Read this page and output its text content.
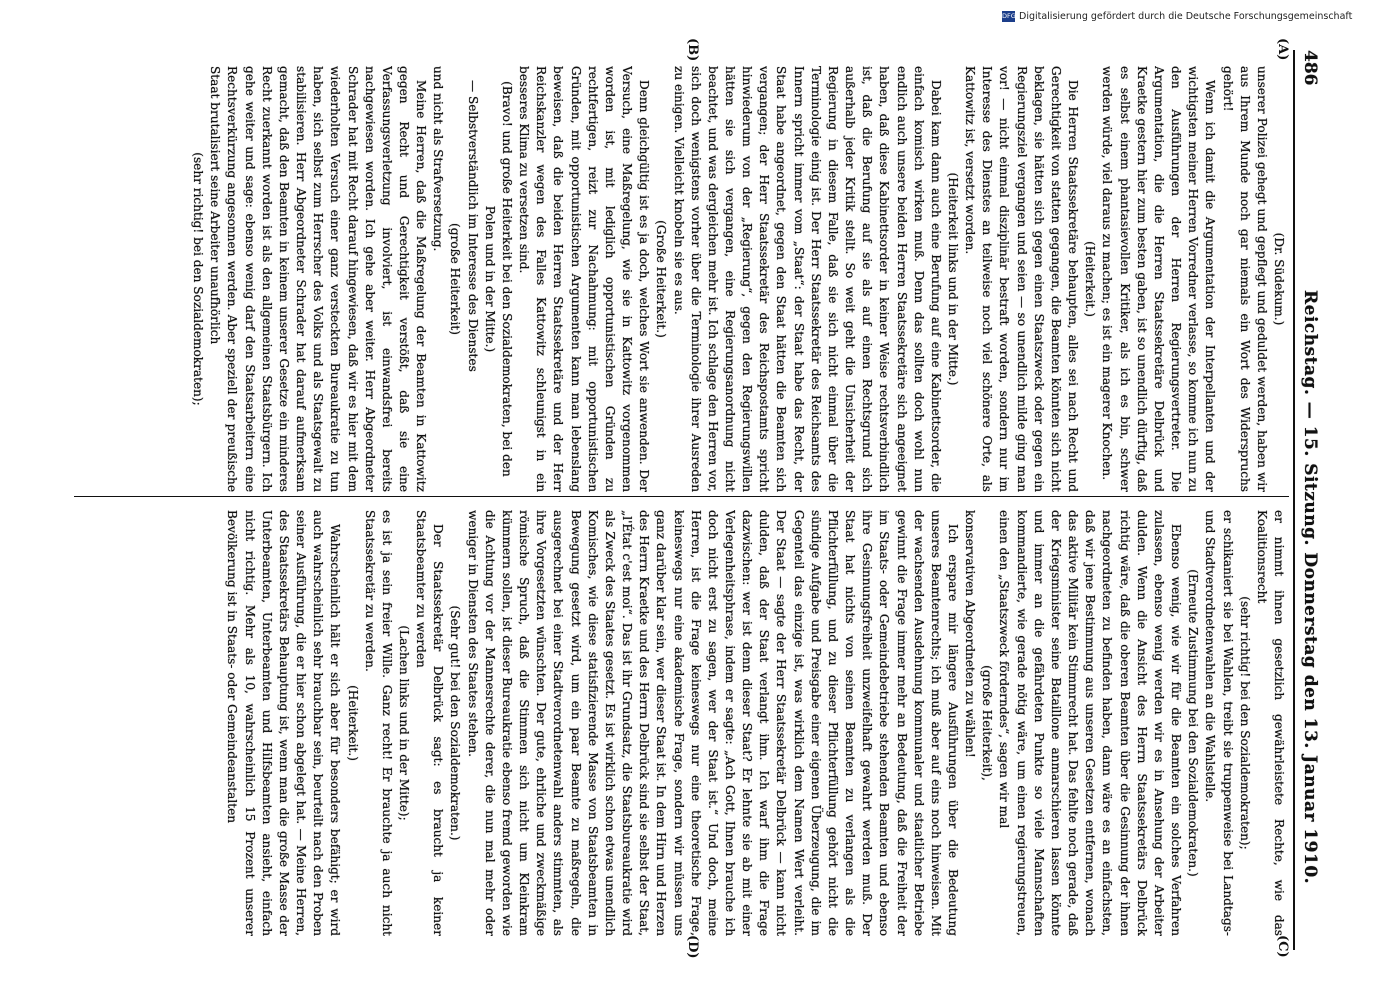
486
Reichstag. — 15. Sitzung. Donnerstag den 13. Januar 1910.
(A)
(B)
(C)
(D)

(Dr. Südekum.)

unserer Polizei gehegt und gepflegt und geduldet werden, haben wir aus Ihrem Munde noch gar niemals ein Wort des Widerspruchs gehört!

Wenn ich damit die Argumentation der Interpellanten und der wichtigsten meiner Herren Vorredner verlasse, so komme ich nun zu den Ausführungen der Herren Regierungsvertreter. Die Argumentation, die die Herren Staatssekretäre Delbrück und Kraetke gestern hier zum besten gaben, ist so unendlich dürftig, daß es selbst einem phantasievollen Kritiker, als ich es bin, schwer werden würde, viel daraus zu machen; es ist ein magerer Knochen.

(Heiterkeit.)

Die Herren Staatssekretäre behaupten, alles sei nach Recht und Gerechtigkeit von statten gegangen, die Beamten könnten sich nicht beklagen, sie hätten sich gegen einen Staatszweck oder gegen ein Regierungsziel vergangen und seien — so unendlich milde ging man vor! — nicht einmal disziplinär bestraft worden, sondern nur im Interesse des Dienstes an teilweise noch viel schönere Orte, als Kattowitz ist, versetzt worden.

(Heiterkeit links und in der Mitte.)

Dabei kam dann auch eine Berufung auf eine Kabinettsorder, die einfach komisch wirken muß. Denn das sollten doch wohl nun endlich auch unsere beiden Herren Staatssekretäre sich angeeignet haben, daß diese Kabinettsorder in keiner Weise rechtsverbindlich ist, daß die Berufung auf sie als auf einen Rechtsgrund sich außerhalb jeder Kritik stellt. So weit geht die Unsicherheit der Regierung in diesem Falle, daß sie sich nicht einmal über die Terminologie einig ist. Der Herr Staatssekretär des Reichsamts des Innern spricht immer vom „Staat“: der Staat habe das Recht, der Staat habe angeordnet, gegen den Staat hätten die Beamten sich vergangen; der Herr Staatssekretär des Reichspostamts spricht hinwiederum von der „Regierung“, gegen den Regierungswillen hätten sie sich vergangen, eine Regierungsanordnung nicht beachtet, und was dergleichen mehr ist. Ich schlage den Herren vor, sich doch wenigstens vorher über die Terminologie ihrer Ausreden zu einigen. Vielleicht knobeln sie es aus.

(Große Heiterkeit.)

Denn gleichgültig ist es ja doch, welches Wort sie anwenden. Der Versuch, eine Maßregelung, wie sie in Kattowitz vorgenommen worden ist, mit lediglich opportunistischen Gründen zu rechtfertigen, reizt zur Nachahmung: mit opportunistischen Gründen, mit opportunistischen Argumenten kann man lebenslang beweisen, daß die beiden Herren Staatssekretäre und der Herr Reichskanzler wegen des Falles Kattowitz schleunigst in ein besseres Klima zu versetzen sind.

(Bravo! und große Heiterkeit bei den Sozialdemokraten, bei den Polen und in der Mitte.)

— Selbstverständlich im Interesse des Dienstes

(große Heiterkeit)

und nicht als Strafversetzung.

Meine Herren, daß die Maßregelung der Beamten in Kattowitz gegen Recht und Gerechtigkeit verstößt, daß sie eine Verfassungsverletzung involviert, ist einwandsfrei bereits nachgewiesen worden. Ich gehe aber weiter. Herr Abgeordneter Schrader hat mit Recht darauf hingewiesen, daß wir es hier mit dem wiederholten Versuch einer ganz versteckten Bureaukratie zu tun haben, sich selbst zum Herrscher des Volks und als Staatsgewalt zu stabilisieren. Herr Abgeordneter Schrader hat darauf aufmerksam gemacht, daß den Beamten in keinem unserer Gesetze ein minderes Recht zuerkannt worden ist als den allgemeinen Staatsbürgern. Ich gehe weiter und sage: ebenso wenig darf den Staatsarbeitern eine Rechtsverkürzung angesonnen werden. Aber speziell der preußische Staat brutalisiert seine Arbeiter unaufhörlich

(sehr richtig! bei den Sozialdemokraten);

er nimmt ihnen gesetzlich gewährleistete Rechte, wie das Koalitionsrecht

(sehr richtig! bei den Sozialdemokraten);

er schikaniert sie bei Wahlen, treibt sie truppenweise bei Landtags- und Stadtverordnetenwahlen an die Wahlstelle.

(Erneute Zustimmung bei den Sozialdemokraten.)

Ebenso wenig, wie wir für die Beamten ein solches Verfahren zulassen, ebenso wenig werden wir es in Ansehung der Arbeiter dulden. Wenn die Ansicht des Herrn Staatssekretärs Delbrück richtig wäre, daß die oberen Beamten über die Gesinnung der ihnen nachgeordneten zu befinden haben, dann wäre es an einfachsten, daß wir jene Bestimmung aus unseren Gesetzen entfernen, wonach das aktive Militär kein Stimmrecht hat. Das fehlte noch gerade, daß der Kriegsminister seine Bataillone anmarschieren lassen könnte und immer an die gefährdeten Punkte so viele Mannschaften kommandierte, wie gerade nötig wäre, um einen regierungstreuen, einen den „Staatszweck förderndes“, sagen wir mal

(große Heiterkeit),

konservativen Abgeordneten zu wählen!

Ich erspare mir längere Ausführungen über die Bedeutung unseres Beamtenrechts; ich muß aber auf eins noch hinweisen. Mit der wachsenden Ausdehnung kommunaler und staatlicher Betriebe gewinnt die Frage immer mehr an Bedeutung, daß die Freiheit der im Staats- oder Gemeindebetriebe stehenden Beamten und ebenso ihre Gesinnungsfreiheit unzweifelhaft gewahrt werden muß. Der Staat hat nichts von seinen Beamten zu verlangen als die Pflichterfüllung, und zu dieser Pflichterfüllung gehört nicht die sündige Aufgabe und Preisgabe einer eigenen Überzeugung, die im Gegenteil das einzige ist, was wirklich dem Namen Wert verleiht. Der Staat — sagte der Herr Staatssekretär Delbrück — kann nicht dulden, daß der Staat verlangt ihm. Ich warf ihm die Frage dazwischen: wer ist denn dieser Staat? Er lehnte sie ab mit einer Verlegenheitsphrase, indem er sagte: „Ach Gott, Ihnen brauche ich doch nicht erst zu sagen, wer der Staat ist.“ Und doch, meine Herren, ist die Frage keineswegs nur eine theoretische Frage, keineswegs nur eine akademische Frage, sondern wir müssen uns ganz darüber klar sein, wer dieser Staat ist. In dem Hirn und Herzen des Herrn Kraetke und des Herrn Delbrück sind sie selbst der Staat, „l'État c'est moi“. Das ist ihr Grundsatz, die Staatsbureaukratie wird als Zweck des Staates gesetzt. Es ist wirklich schon etwas unendlich Komisches, wie diese statisfizierende Masse von Staatsbeamten in Bewegung gesetzt wird, um ein paar Beamte zu maßregeln, die ausgerechnet bei einer Stadtverordnetenwahl anders stimmten, als ihre Vorgesetzten wünschten. Der gute, ehrliche und zweckmäßige römische Spruch, daß die Stimmen sich nicht um Kleinkram kümmern sollen, ist dieser Bureaukratie ebenso fremd geworden wie die Achtung vor der Mannesrechte derer, die nun mal mehr oder weniger in Diensten des Staates stehen.

(Sehr gut! bei den Sozialdemokraten.)

Der Staatssekretär Delbrück sagt: es braucht ja keiner Staatsbeamter zu werden

(Lachen links und in der Mitte);

es ist ja sein freier Wille. Ganz recht! Er brauchte ja auch nicht Staatssekretär zu werden.

(Heiterkeit.)

Wahrscheinlich hält er sich aber für besonders befähigt; er wird auch wahrscheinlich sehr brauchbar sein, beurteilt nach den Proben seiner Ausführung, die er hier schon abgelegt hat. — Meine Herren, des Staatssekretärs Behauptung ist, wenn man die große Masse der Unterbeamten, Unterbeamten und Hilfsbeamten ansieht, einfach nicht richtig. Mehr als 10, wahrscheinlich 15 Prozent unserer Bevölkerung ist in Staats- oder Gemeindeanstalten

DFG Digitalisierung gefördert durch die Deutsche Forschungsgemeinschaft
